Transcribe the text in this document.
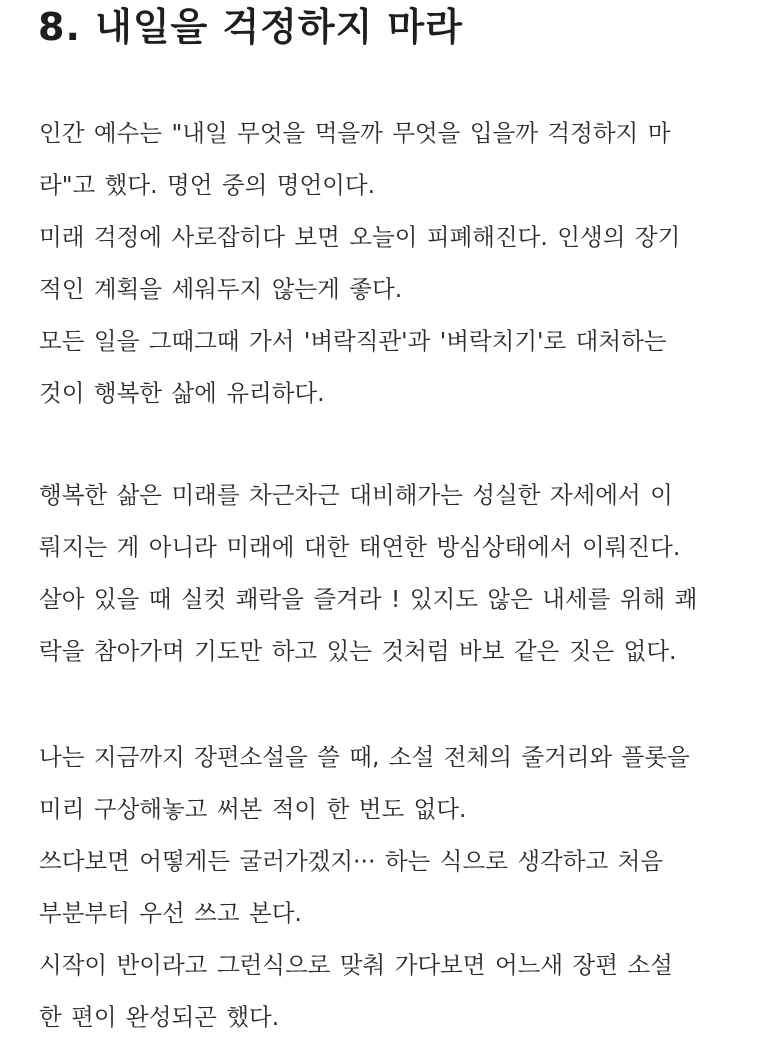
8. 내일을 걱정하지 마라
인간 예수는 "내일 무엇을 먹을까 무엇을 입을까 걱정하지 마
라"고 했다. 명언 중의 명언이다.
미래 걱정에 사로잡히다 보면 오늘이 피폐해진다. 인생의 장기
적인 계획을 세워두지 않는게 좋다.
모든 일을 그때그때 가서 '벼락직관'과 '벼락치기'로 대처하는
것이 행복한 삶에 유리하다.
행복한 삶은 미래를 차근차근 대비해가는 성실한 자세에서 이
뤄지는 게 아니라 미래에 대한 태연한 방심상태에서 이뤄진다.
살아 있을 때 실컷 쾌락을 즐겨라 ! 있지도 않은 내세를 위해 쾌
락을 참아가며 기도만 하고 있는 것처럼 바보 같은 짓은 없다.
나는 지금까지 장편소설을 쓸 때, 소설 전체의 줄거리와 플롯을
미리 구상해놓고 써본 적이 한 번도 없다.
쓰다보면 어떻게든 굴러가겠지··· 하는 식으로 생각하고 처음
부분부터 우선 쓰고 본다.
시작이 반이라고 그런식으로 맞춰 가다보면 어느새 장편 소설
한 편이 완성되곤 했다.
